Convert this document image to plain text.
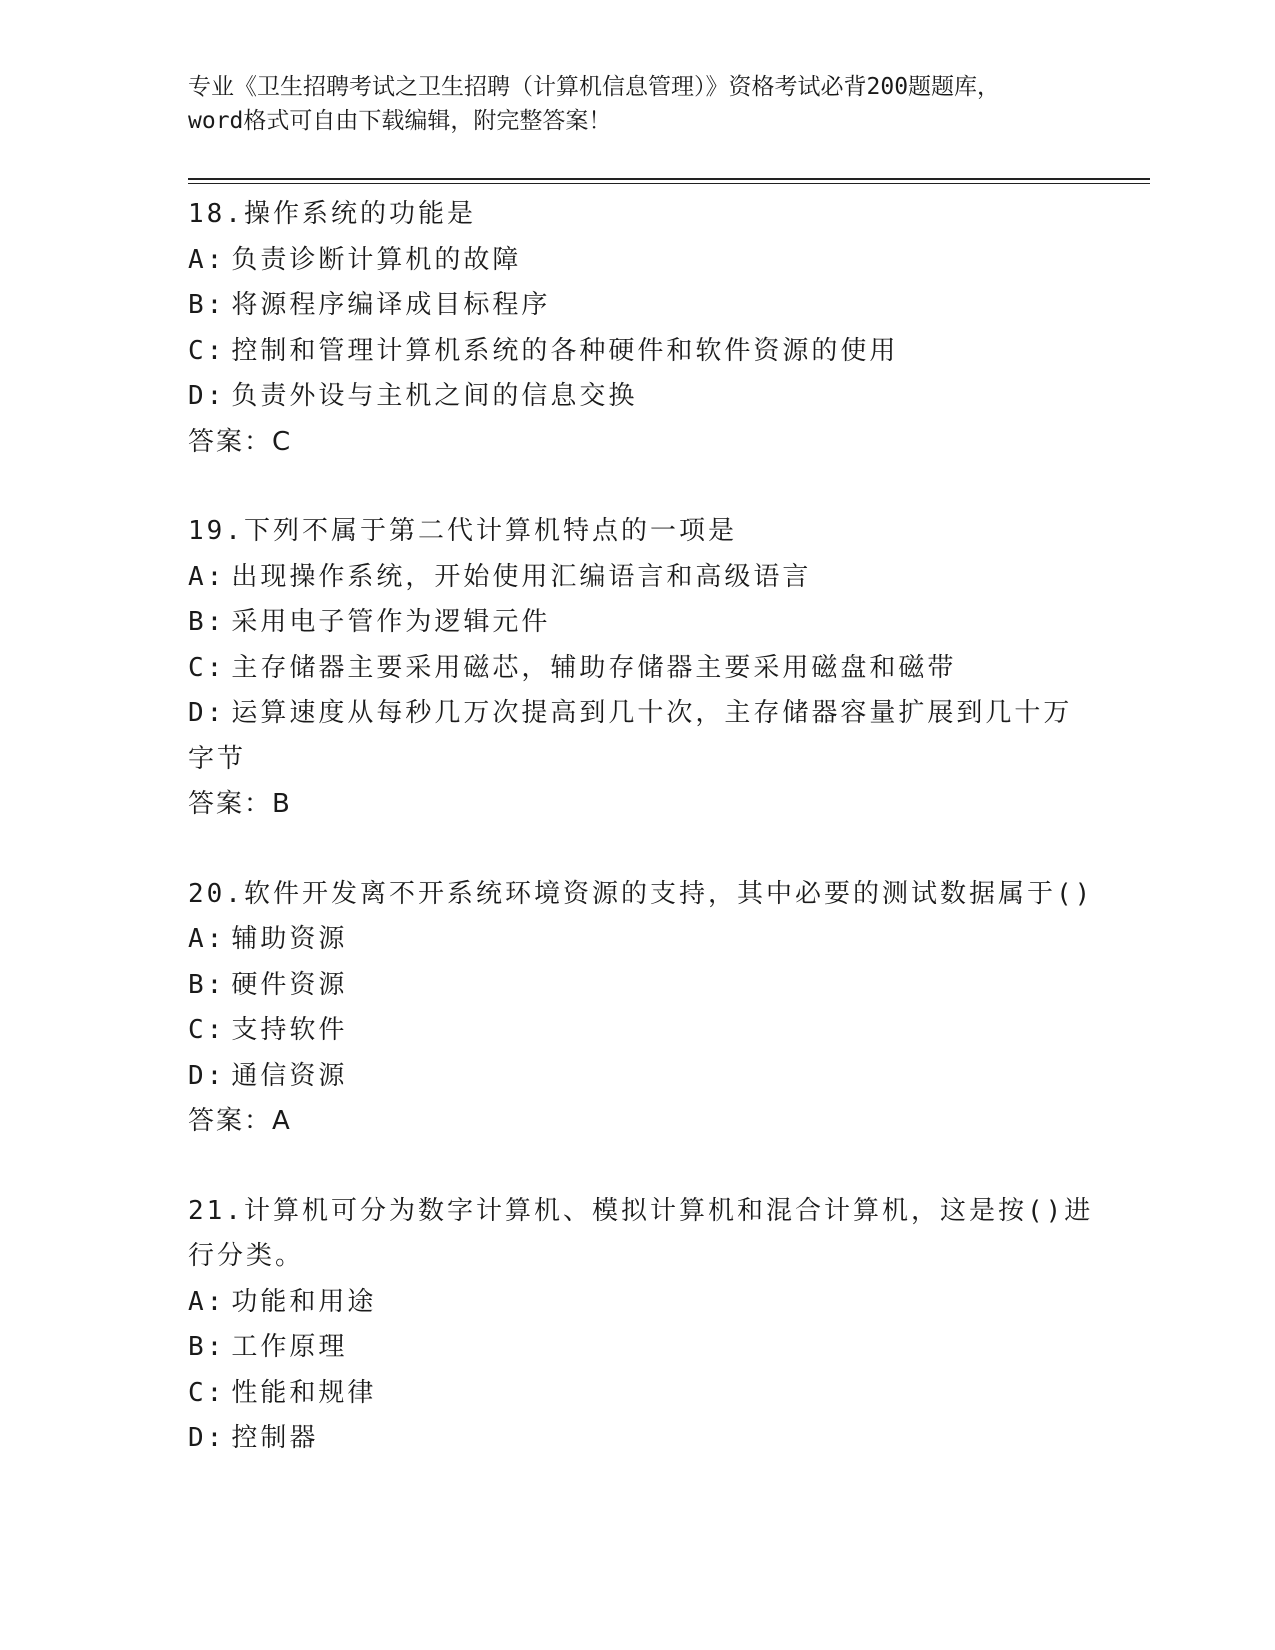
专业《卫生招聘考试之卫生招聘（计算机信息管理）》资格考试必背200题题库，

word格式可自由下载编辑，附完整答案！

18.操作系统的功能是

A: 负责诊断计算机的故障

B: 将源程序编译成目标程序

C: 控制和管理计算机系统的各种硬件和软件资源的使用

D: 负责外设与主机之间的信息交换

答案：C

19.下列不属于第二代计算机特点的一项是

A: 出现操作系统，开始使用汇编语言和高级语言

B: 采用电子管作为逻辑元件

C: 主存储器主要采用磁芯，辅助存储器主要采用磁盘和磁带

D: 运算速度从每秒几万次提高到几十次，主存储器容量扩展到几十万

字节

答案：B

20.软件开发离不开系统环境资源的支持，其中必要的测试数据属于()

A: 辅助资源

B: 硬件资源

C: 支持软件

D: 通信资源

答案：A

21.计算机可分为数字计算机、模拟计算机和混合计算机，这是按()进

行分类。

A: 功能和用途

B: 工作原理

C: 性能和规律

D: 控制器
